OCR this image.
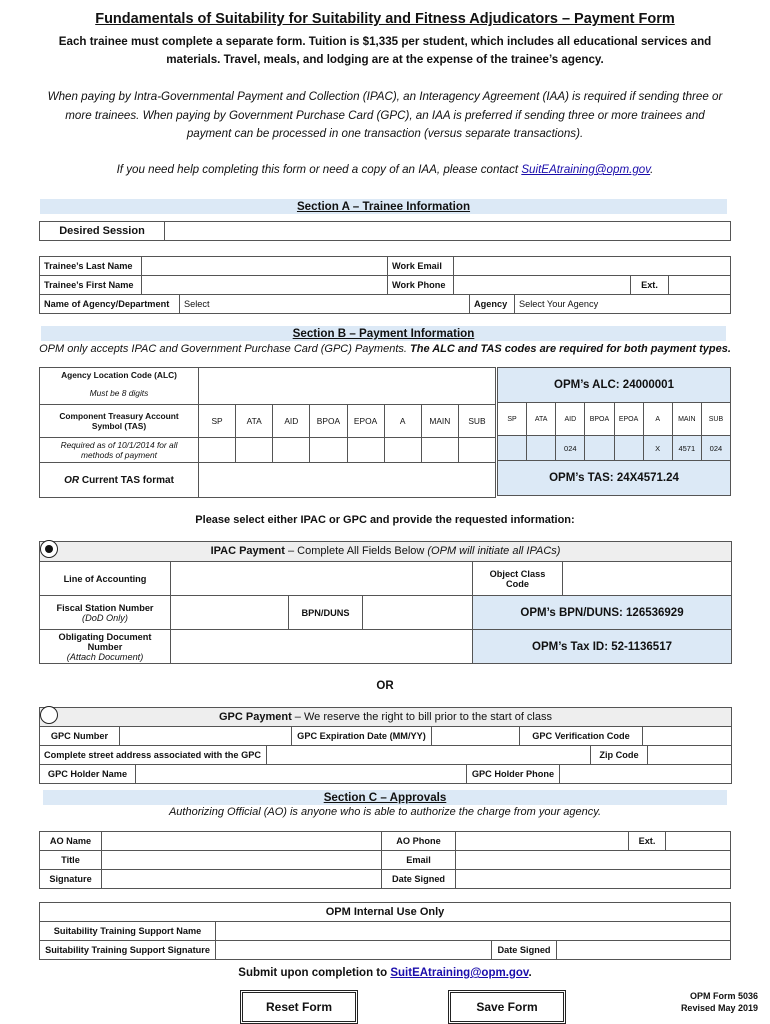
Fundamentals of Suitability for Suitability and Fitness Adjudicators – Payment Form
Each trainee must complete a separate form. Tuition is $1,335 per student, which includes all educational services and
materials. Travel, meals, and lodging are at the expense of the trainee’s agency.
When paying by Intra-Governmental Payment and Collection (IPAC), an Interagency Agreement (IAA) is required if sending three or
more trainees. When paying by Government Purchase Card (GPC), an IAA is preferred if sending three or more trainees and
payment can be processed in one transaction (versus separate transactions).
If you need help completing this form or need a copy of an IAA, please contact SuitEAtraining@opm.gov.
Section A – Trainee Information
Desired Session	
Trainee’s Last Name		Work Email			
Trainee’s First Name		Work Phone		Ext.	
Name of Agency/Department	Select	Agency	Select Your Agency
Section B – Payment Information
OPM only accepts IPAC and Government Purchase Card (GPC) Payments. The ALC and TAS codes are required for both payment types.
Agency Location Code (ALC)
Must be 8 digits								

Component Treasury Account Symbol (TAS)	SP	ATA	AID	BPOA	EPOA	A	MAIN	SUB
Required as of 10/1/2014 for all methods of payment								
OR Current TAS format								
OPM’s ALC: 24000001							
SP	ATA	AID	BPOA	EPOA	A	MAIN	SUB
		024			X	4571	024
OPM’s TAS: 24X4571.24							
Please select either IPAC or GPC and provide the requested information:
IPAC Payment – Complete All Fields Below (OPM will initiate all IPACs)
Line of Accounting				Object Class Code	
Fiscal Station Number
(DoD Only)		BPN/DUNS		OPM’s BPN/DUNS: 126536929	
Obligating Document Number
(Attach Document)				OPM’s Tax ID: 52-1136517	
OR
GPC Payment – We reserve the right to bill prior to the start of class
GPC Number		GPC Expiration Date (MM/YY)		GPC Verification Code	
Complete street address associated with the GPC		Zip Code	
GPC Holder Name		GPC Holder Phone	
Section C – Approvals
Authorizing Official (AO) is anyone who is able to authorize the charge from your agency.
AO Name		AO Phone		Ext.	
Title		Email			
Signature		Date Signed			
OPM Internal Use Only			
Suitability Training Support Name			
Suitability Training Support Signature		Date Signed	
Submit upon completion to SuitEAtraining@opm.gov.
Reset Form	Save Form
OPM Form 5036
Revised May 2019
